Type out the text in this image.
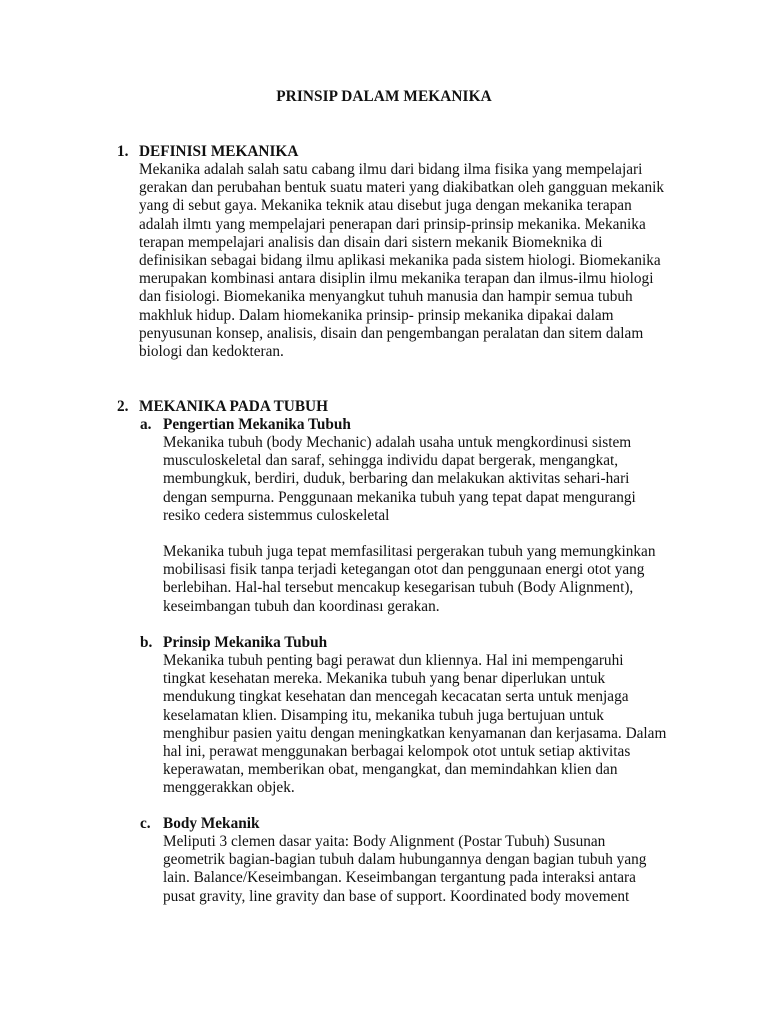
PRINSIP DALAM MEKANIKA
1. DEFINISI MEKANIKA
Mekanika adalah salah satu cabang ilmu dari bidang ilma fisika yang mempelajari
gerakan dan perubahan bentuk suatu materi yang diakibatkan oleh gangguan mekanik
yang di sebut gaya. Mekanika teknik atau disebut juga dengan mekanika terapan
adalah ilmtı yang mempelajari penerapan dari prinsip-prinsip mekanika. Mekanika
terapan mempelajari analisis dan disain dari sistern mekanik Biomeknika di
definisikan sebagai bidang ilmu aplikasi mekanika pada sistem hiologi. Biomekanika
merupakan kombinasi antara disiplin ilmu mekanika terapan dan ilmus-ilmu hiologi
dan fisiologi. Biomekanika menyangkut tuhuh manusia dan hampir semua tubuh
makhluk hidup. Dalam hiomekanika prinsip- prinsip mekanika dipakai dalam
penyusunan konsep, analisis, disain dan pengembangan peralatan dan sitem dalam
biologi dan kedokteran.
2. MEKANIKA PADA TUBUH
a. Pengertian Mekanika Tubuh
Mekanika tubuh (body Mechanic) adalah usaha untuk mengkordinusi sistem
musculoskeletal dan saraf, sehingga individu dapat bergerak, mengangkat,
membungkuk, berdiri, duduk, berbaring dan melakukan aktivitas sehari-hari
dengan sempurna. Penggunaan mekanika tubuh yang tepat dapat mengurangi
resiko cedera sistemmus culoskeletal
Mekanika tubuh juga tepat memfasilitasi pergerakan tubuh yang memungkinkan
mobilisasi fisik tanpa terjadi ketegangan otot dan penggunaan energi otot yang
berlebihan. Hal-hal tersebut mencakup kesegarisan tubuh (Body Alignment),
keseimbangan tubuh dan koordinası gerakan.
b. Prinsip Mekanika Tubuh
Mekanika tubuh penting bagi perawat dun kliennya. Hal ini mempengaruhi
tingkat kesehatan mereka. Mekanika tubuh yang benar diperlukan untuk
mendukung tingkat kesehatan dan mencegah kecacatan serta untuk menjaga
keselamatan klien. Disamping itu, mekanika tubuh juga bertujuan untuk
menghibur pasien yaitu dengan meningkatkan kenyamanan dan kerjasama. Dalam
hal ini, perawat menggunakan berbagai kelompok otot untuk setiap aktivitas
keperawatan, memberikan obat, mengangkat, dan memindahkan klien dan
menggerakkan objek.
c. Body Mekanik
Meliputi 3 clemen dasar yaita: Body Alignment (Postar Tubuh) Susunan
geometrik bagian-bagian tubuh dalam hubungannya dengan bagian tubuh yang
lain. Balance/Keseimbangan. Keseimbangan tergantung pada interaksi antara
pusat gravity, line gravity dan base of support. Koordinated body movement
